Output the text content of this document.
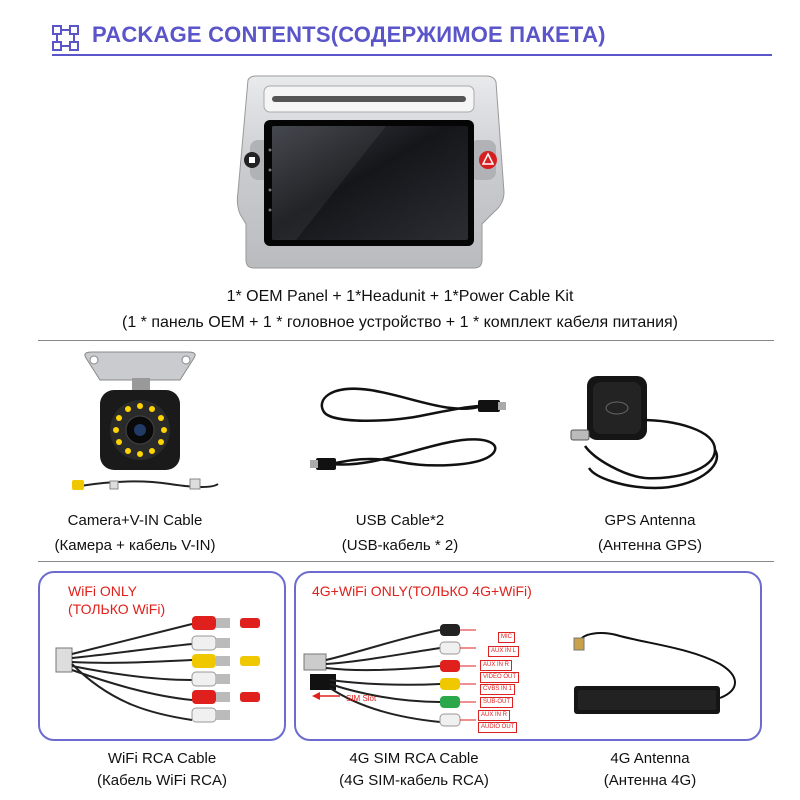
PACKAGE CONTENTS(СОДЕРЖИМОЕ ПАКЕТА)
1* OEM Panel + 1*Headunit + 1*Power Cable Kit
(1 * панель OEM + 1 * головное устройство + 1 * комплект кабеля питания)
Camera+V-IN Cable
(Камера + кабель V-IN)
USB Cable*2
(USB-кабель * 2)
GPS Antenna
(Антенна GPS)
WiFi ONLY
(ТОЛЬКО WiFi)
WiFi RCA Cable
(Кабель WiFi RCA)
4G+WiFi ONLY(ТОЛЬКО 4G+WiFi)
MIC
AUX IN L
AUX IN R
VIDEO OUT
CVBS IN 1
SUB-OUT
AUX IN R
AUDIO OUT
SIM Slot
4G SIM RCA Cable
(4G SIM-кабель RCA)
4G Antenna
(Антенна 4G)
